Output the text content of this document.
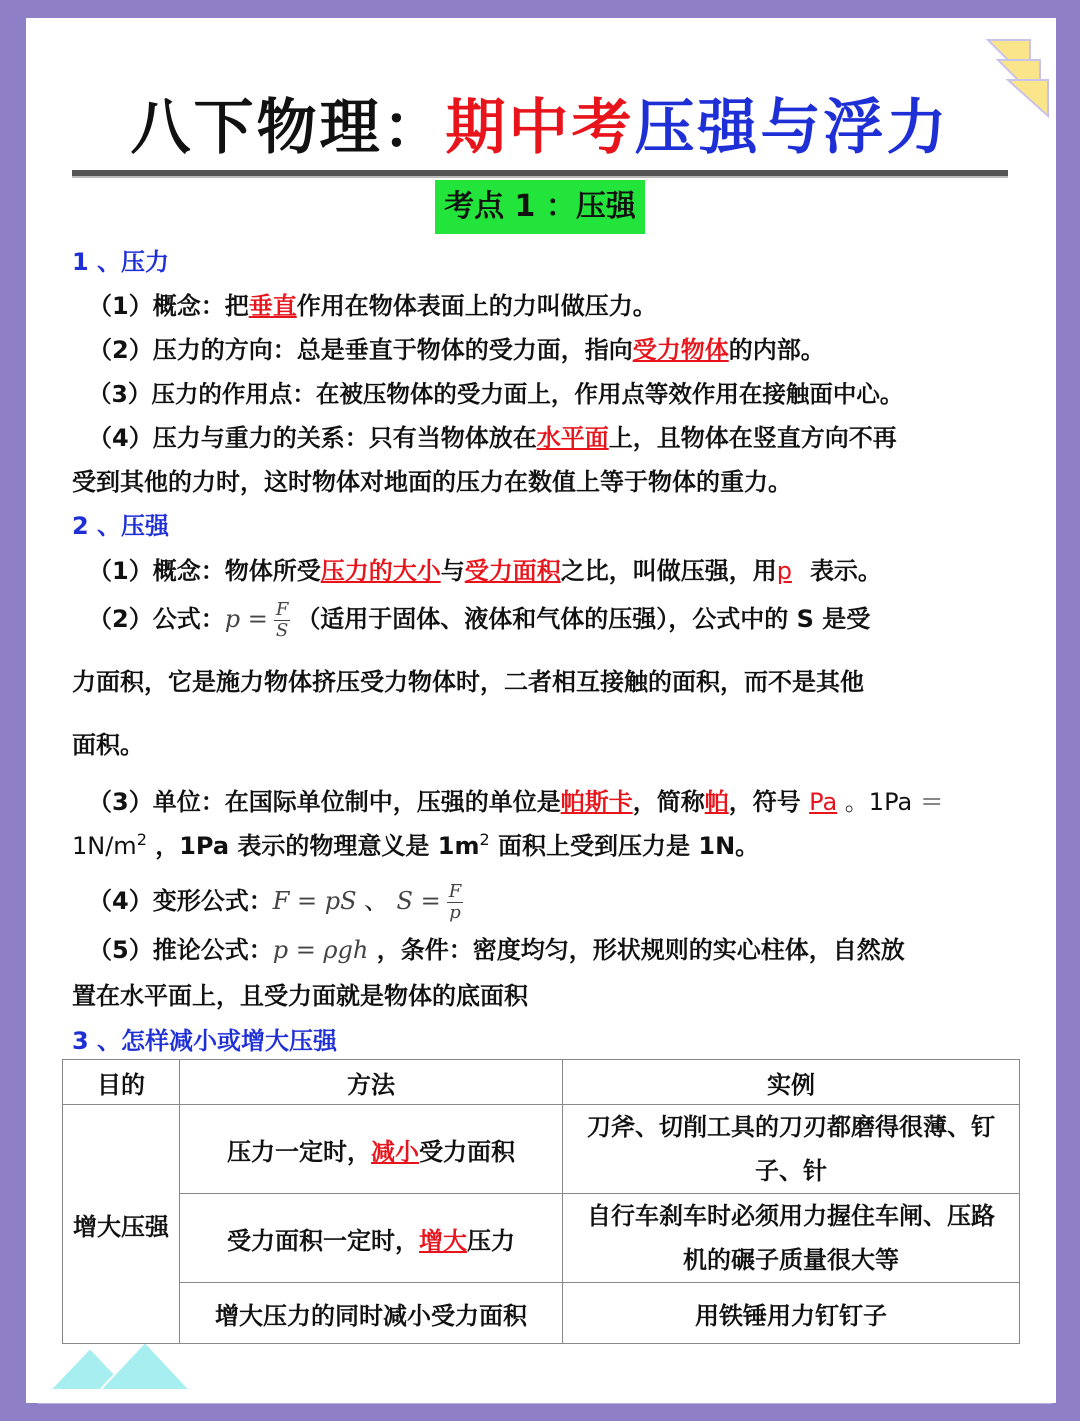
八下物理：期中考压强与浮力
考点 1 ：压强
1 、压力
（1）概念：把垂直作用在物体表面上的力叫做压力。
（2）压力的方向：总是垂直于物体的受力面，指向受力物体的内部。
（3）压力的作用点：在被压物体的受力面上，作用点等效作用在接触面中心。
（4）压力与重力的关系：只有当物体放在水平面上，且物体在竖直方向不再
受到其他的力时，这时物体对地面的压力在数值上等于物体的重力。
2 、压强
（1）概念：物体所受压力的大小与受力面积之比，叫做压强，用p 表示。
（2）公式：$p = \frac{F}{S}$ （适用于固体、液体和气体的压强），公式中的 S 是受
力面积，它是施力物体挤压受力物体时，二者相互接触的面积，而不是其他
面积。
（3）单位：在国际单位制中，压强的单位是帕斯卡，简称帕，符号 Pa 。1Pa ＝
$1N/m^2$ ，1Pa 表示的物理意义是 $1m^2$ 面积上受到压力是 1N。
（4）变形公式：F = pS 、 $S = \frac{F}{p}$
（5）推论公式：p = ρgh ，条件：密度均匀，形状规则的实心柱体，自然放
置在水平面上，且受力面就是物体的底面积
3 、怎样减小或增大压强
目的	方法	实例
增大压强	压力一定时，减小受力面积	刀斧、切削工具的刀刃都磨得很薄、钉
子、针
	受力面积一定时，增大压力	自行车刹车时必须用力握住车闸、压路
机的碾子质量很大等
	增大压力的同时减小受力面积	用铁锤用力钉钉子
